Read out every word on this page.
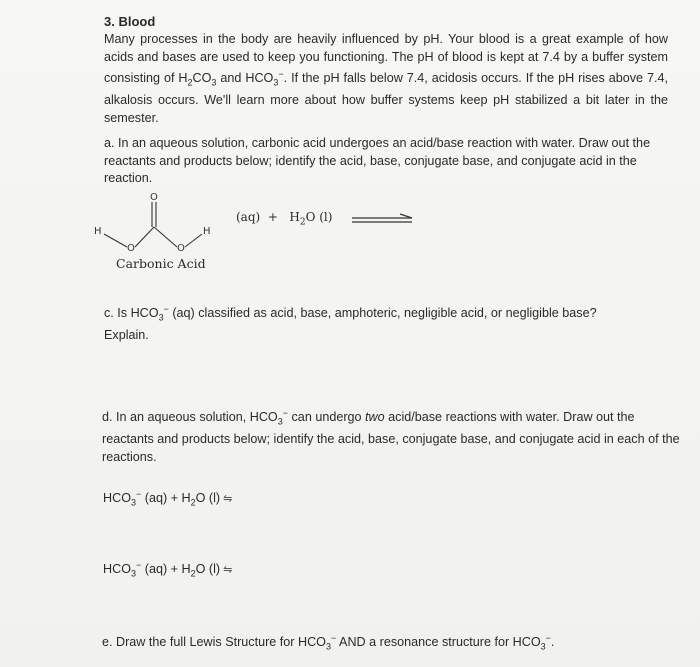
3. Blood
Many processes in the body are heavily influenced by pH. Your blood is a great example of how acids and bases are used to keep you functioning. The pH of blood is kept at 7.4 by a buffer system consisting of $H_2CO_3$ and $HCO_3^-$. If the pH falls below 7.4, acidosis occurs. If the pH rises above 7.4, alkalosis occurs. We'll learn more about how buffer systems keep pH stabilized a bit later in the semester.
a. In an aqueous solution, carbonic acid undergoes an acid/base reaction with water. Draw out the reactants and products below; identify the acid, base, conjugate base, and conjugate acid in the reaction.
O
O	O
H	H
Carbonic Acid
$(aq) + H_2O$ (l)
c. Is $HCO_3^-$ (aq) classified as acid, base, amphoteric, negligible acid, or negligible base?
Explain.
d. In an aqueous solution, $HCO_3^-$ can undergo two acid/base reactions with water. Draw out the reactants and products below; identify the acid, base, conjugate base, and conjugate acid in each of the reactions.
$HCO_3^-$ $(aq) + H_2O$ (l) ⇋
$HCO_3^-$ $(aq) + H_2O$ (l) ⇋
e. Draw the full Lewis Structure for $HCO_3^-$ AND a resonance structure for $HCO_3^-$.
